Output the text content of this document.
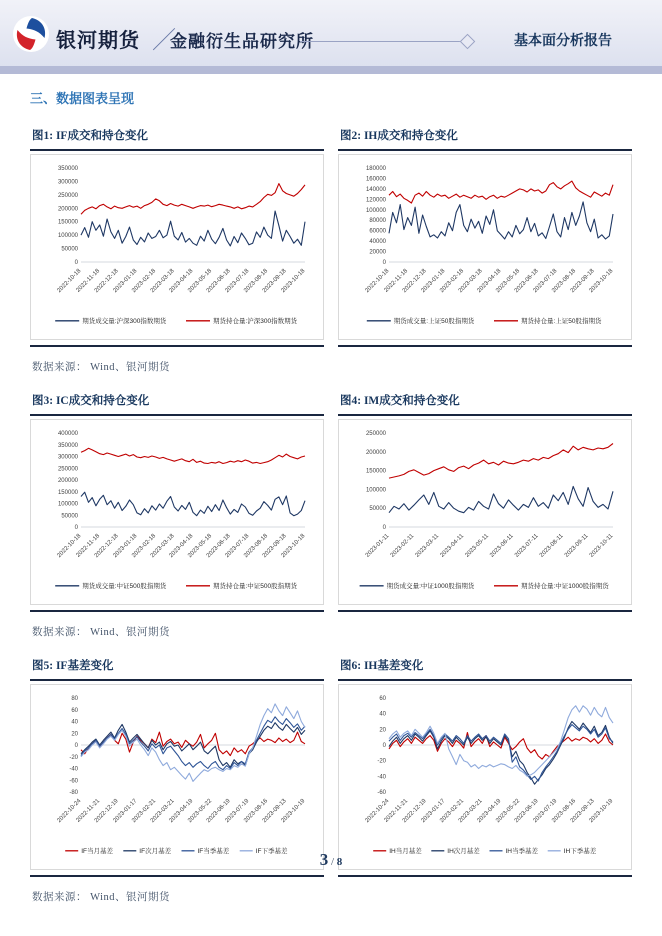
银河期货 ／
金融衍生品研究所	基本面分析报告
三、数据图表呈现
图1: IF成交和持仓变化
0
50000
100000
150000
200000
250000
300000
350000
2022-10-18
2022-11-18
2022-12-18
2023-01-18
2023-02-18
2023-03-18
2023-04-18
2023-05-18
2023-06-18
2023-07-18
2023-08-18
2023-09-18
2023-10-18
期货成交量:沪深300指数期货	期货持仓量:沪深300指数期货
图2: IH成交和持仓变化
0
20000
40000
60000
80000
100000
120000
140000
160000
180000
2022-10-18
2022-11-18
2022-12-18
2023-01-18
2023-02-18
2023-03-18
2023-04-18
2023-05-18
2023-06-18
2023-07-18
2023-08-18
2023-09-18
2023-10-18
期货成交量:上证50股指期货	期货持仓量:上证50股指期货
数据来源： Wind、银河期货
图3: IC成交和持仓变化
0
50000
100000
150000
200000
250000
300000
350000
400000
2022-10-18
2022-11-18
2022-12-18
2023-01-18
2023-02-18
2023-03-18
2023-04-18
2023-05-18
2023-06-18
2023-07-18
2023-08-18
2023-09-18
2023-10-18
期货成交量:中证500股指期货	期货持仓量:中证500股指期货
图4: IM成交和持仓变化
0
50000
100000
150000
200000
250000
2023-01-11 2023-02-11 2023-03-11 2023-04-11 2023-05-11 2023-06-11 2023-07-11 2023-08-11 2023-09-11 2023-10-11
期货成交量:中证1000股指期货	期货持仓量:中证1000股指期货
数据来源： Wind、银河期货
图5: IF基差变化
-80
-60
-40
-20
0
20
40
60
80
2022-10-24
2022-11-21
2022-12-19
2023-01-17
2023-02-21
2023-03-21
2023-04-19
2023-05-22
2023-06-19
2023-07-19
2023-08-16
2023-09-13
2023-10-19
IF当月基差	IF次月基差	IF当季基差	IF下季基差
图6: IH基差变化
-60
-40
-20
0
20
40
60
2022-10-24
2022-11-21
2022-12-19
2023-01-17
2023-02-21
2023-03-21
2023-04-19
2023-05-22
2023-06-19
2023-07-19
2023-08-16
2023-09-13
2023-10-19
IH当月基差	IH次月基差	IH当季基差	IH下季基差
数据来源： Wind、银河期货
3 / 8
